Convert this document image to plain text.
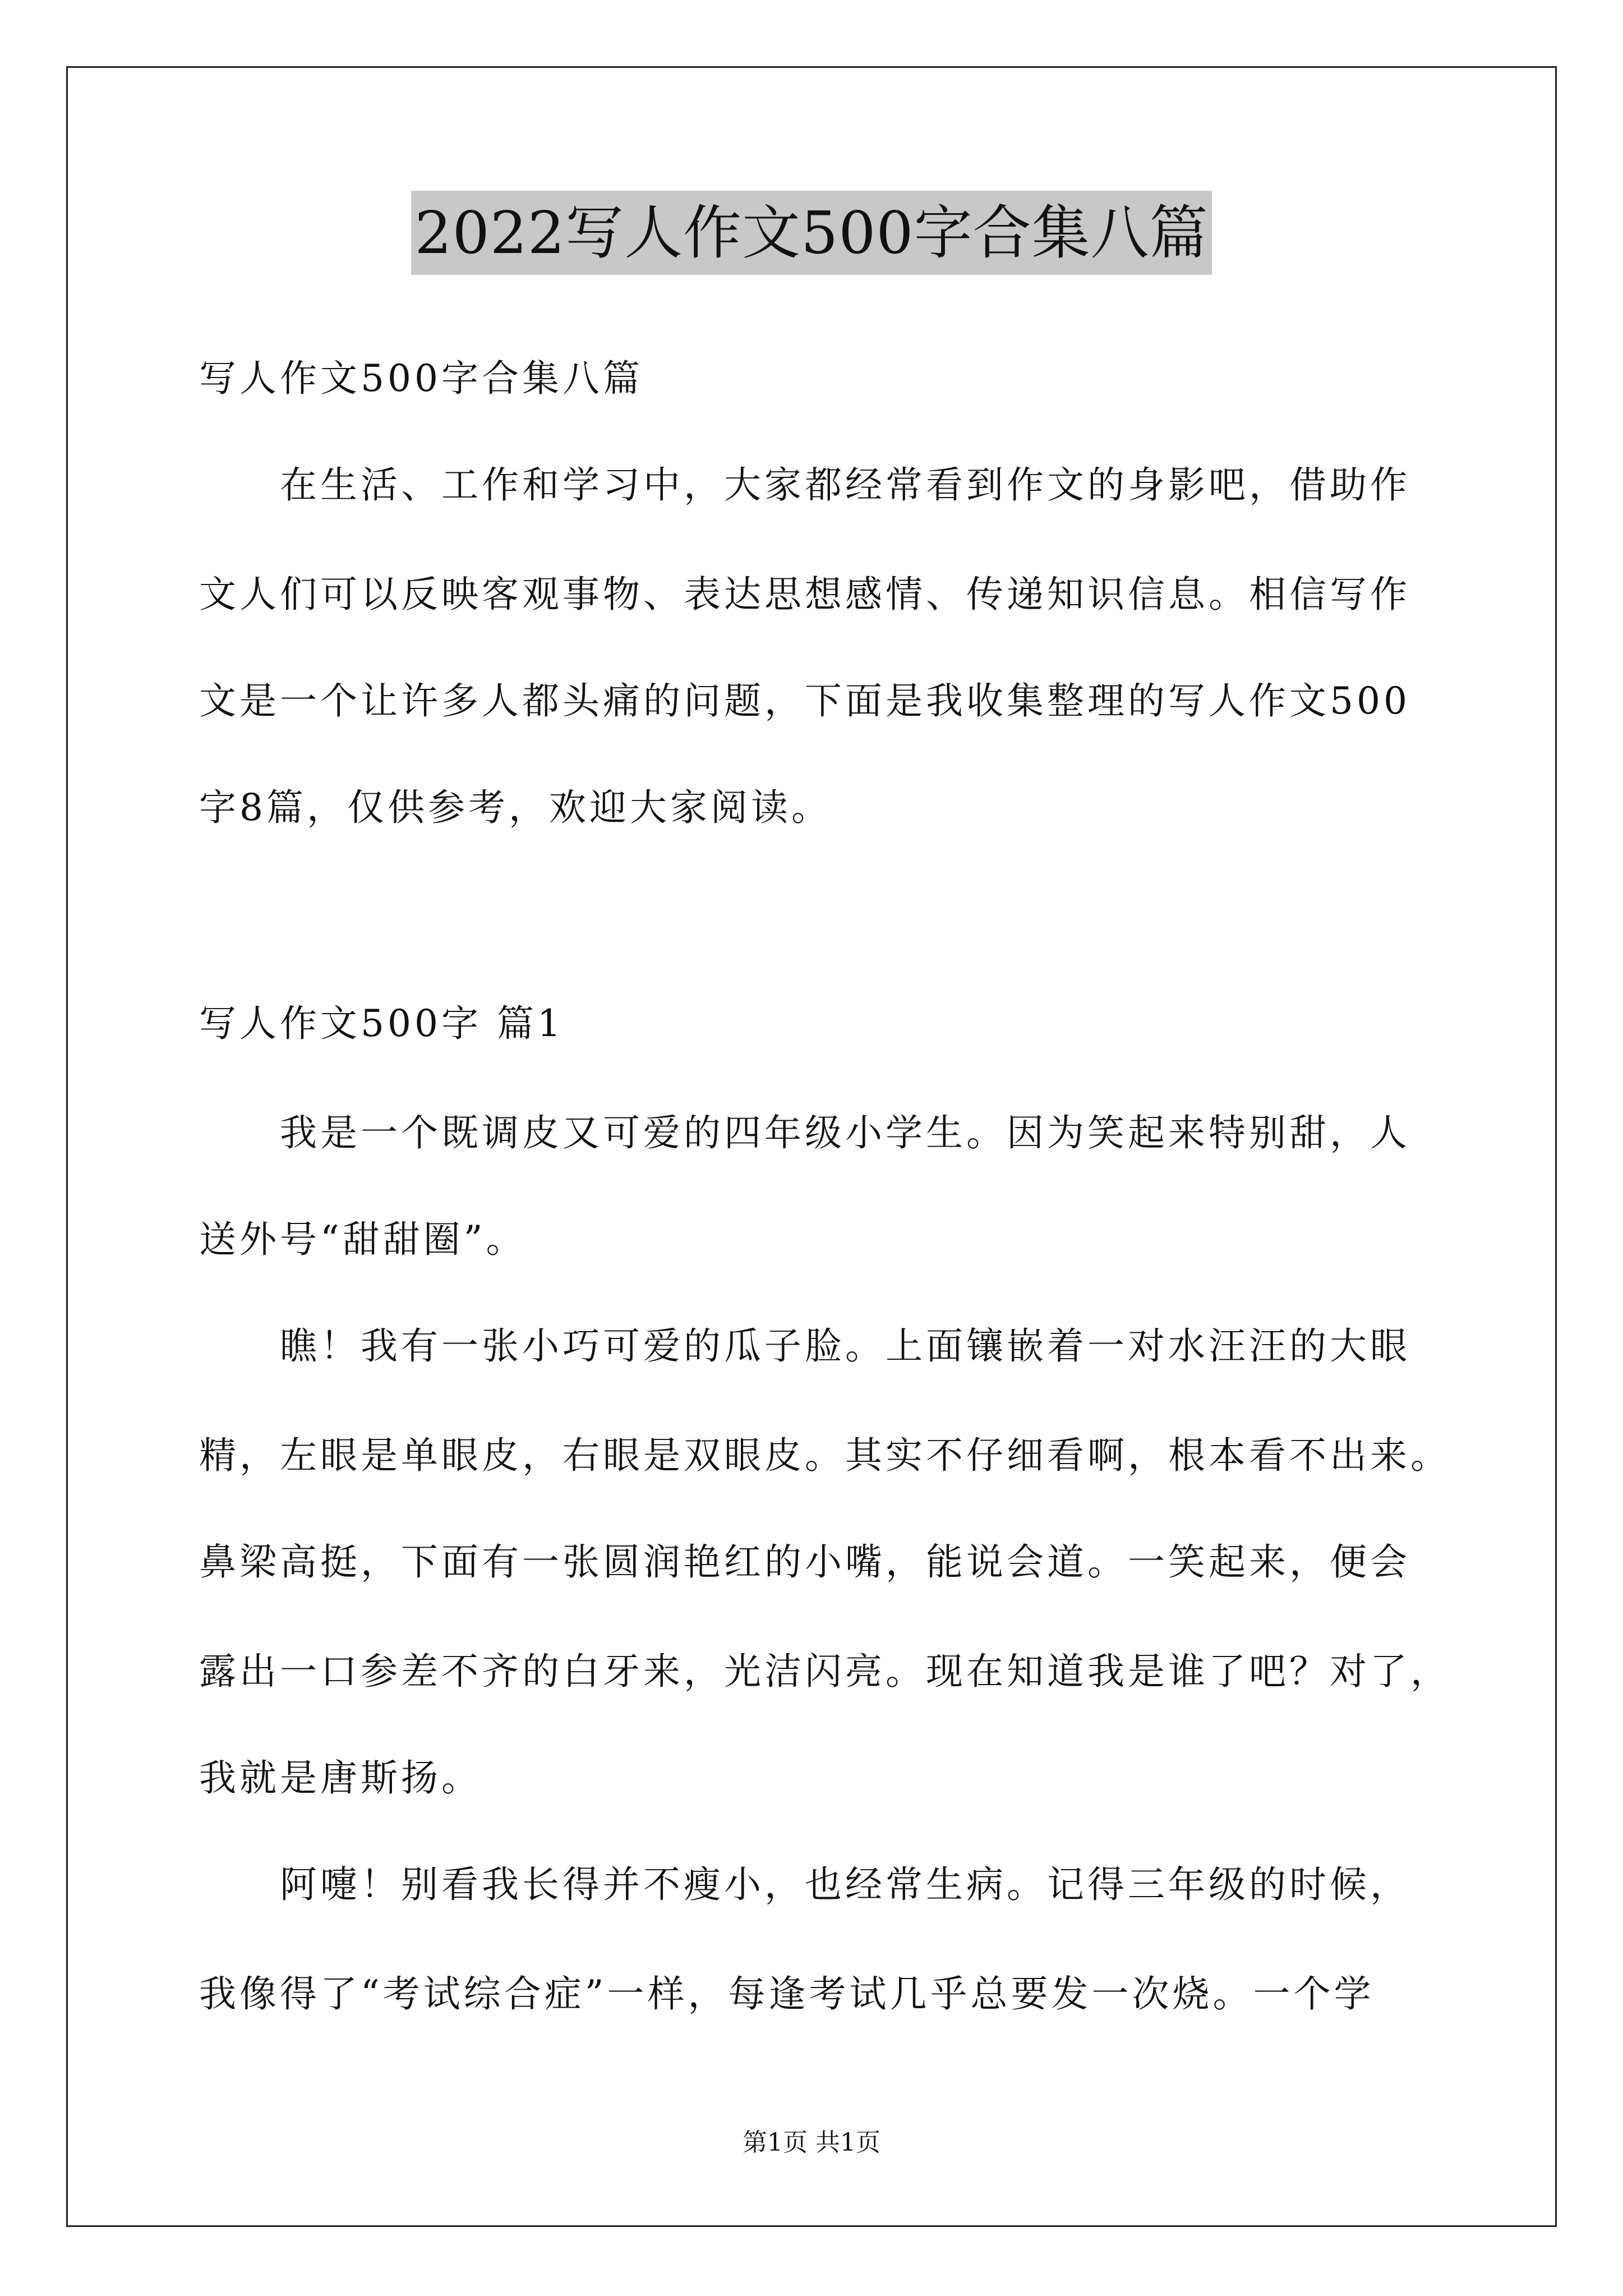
2022写人作文500字合集八篇
写人作文500字合集八篇
　　在生活、工作和学习中，大家都经常看到作文的身影吧，借助作
文人们可以反映客观事物、表达思想感情、传递知识信息。相信写作
文是一个让许多人都头痛的问题，下面是我收集整理的写人作文500
字8篇，仅供参考，欢迎大家阅读。
写人作文500字 篇1
　　我是一个既调皮又可爱的四年级小学生。因为笑起来特别甜，人
送外号“甜甜圈”。
　　瞧！我有一张小巧可爱的瓜子脸。上面镶嵌着一对水汪汪的大眼
精，左眼是单眼皮，右眼是双眼皮。其实不仔细看啊，根本看不出来。
鼻梁高挺，下面有一张圆润艳红的小嘴，能说会道。一笑起来，便会
露出一口参差不齐的白牙来，光洁闪亮。现在知道我是谁了吧？对了，
我就是唐斯扬。
　　阿嚏！别看我长得并不瘦小，也经常生病。记得三年级的时候，
我像得了“考试综合症”一样，每逢考试几乎总要发一次烧。一个学
第1页 共1页
